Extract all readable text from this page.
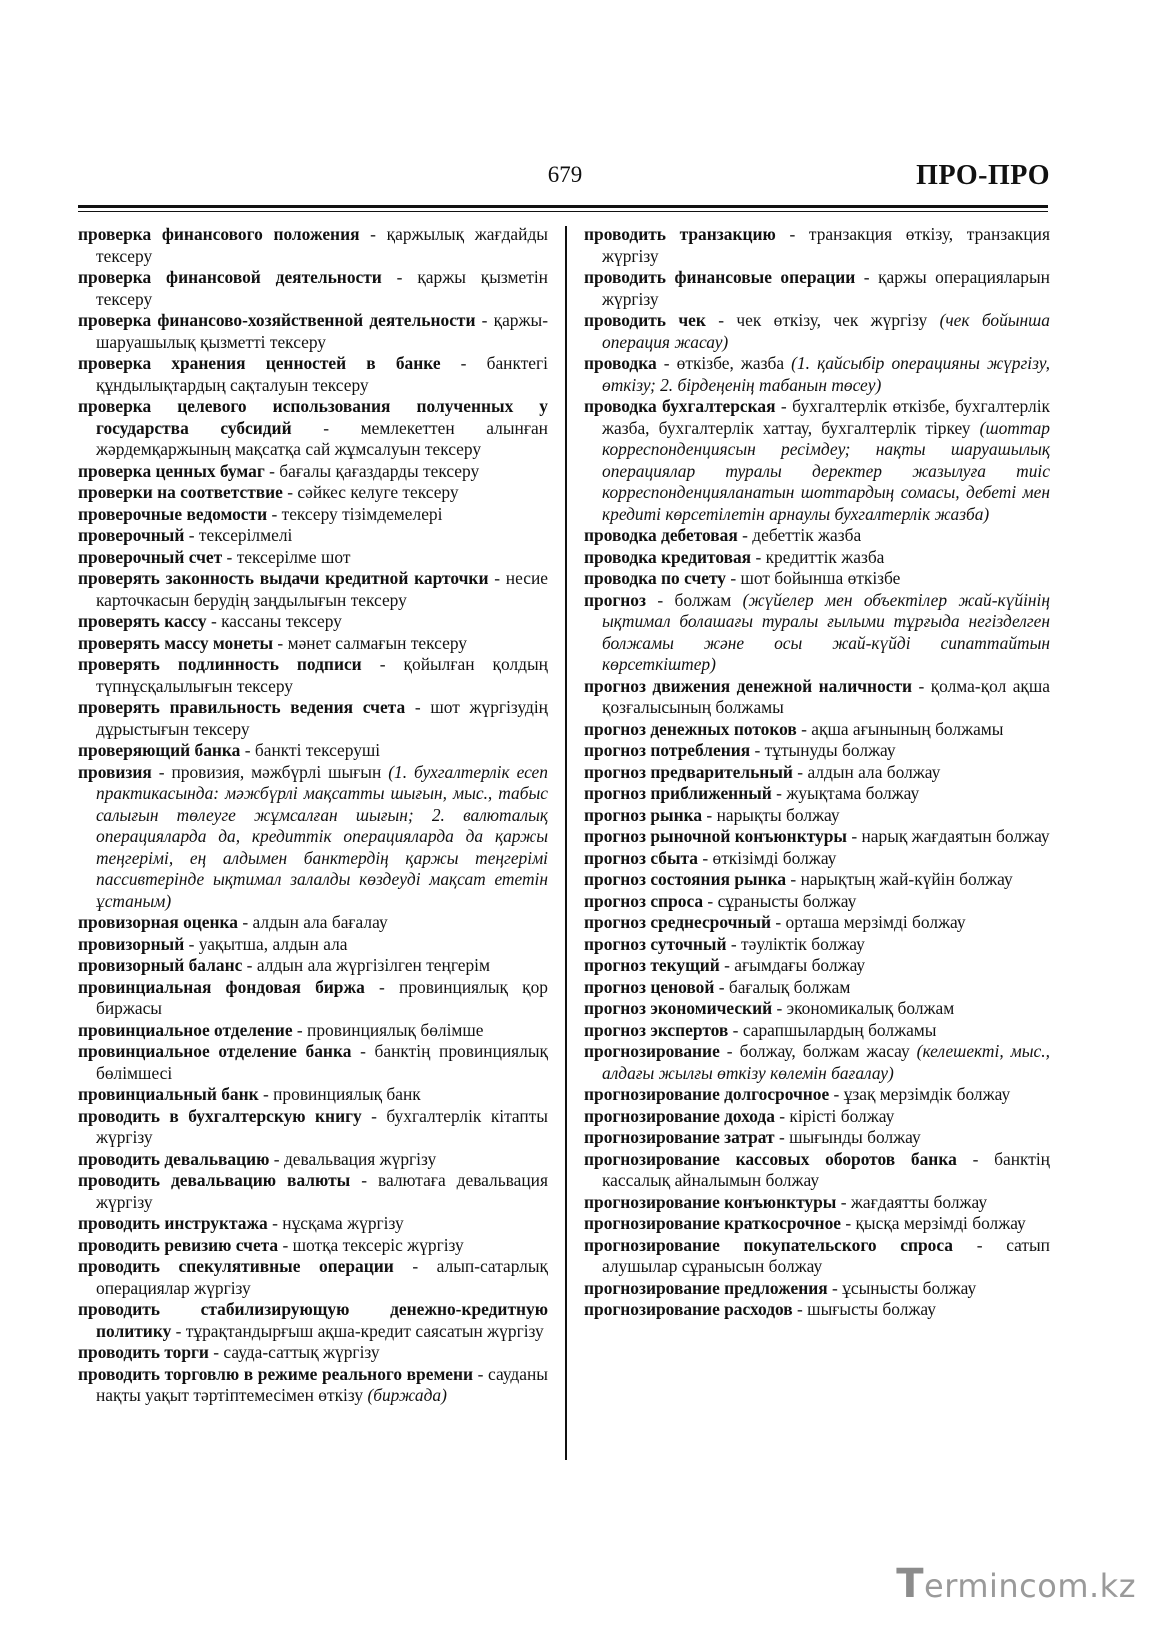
679	ПРО-ПРО
проверка финансового положения - қаржылық жағдайды тексеру
проверка финансовой деятельности - қаржы қызметін тексеру
проверка финансово-хозяйственной деятельности - қаржы-шаруашылық қызметті тексеру
проверка хранения ценностей в банке - банктегі құндылықтардың сақталуын тексеру
проверка целевого использования полученных у государства субсидий - мемлекеттен алынған жәрдемқаржының мақсатқа сай жұмсалуын тексеру
проверка ценных бумаг - бағалы қағаздарды тексеру
проверки на соответствие - сәйкес келуге тексеру
проверочные ведомости - тексеру тізімдемелері
проверочный - тексерілмелі
проверочный счет - тексерілме шот
проверять законность выдачи кредитной карточки - несие карточкасын берудің заңдылығын тексеру
проверять кассу - кассаны тексеру
проверять массу монеты - мәнет салмағын тексеру
проверять подлинность подписи - қойылған қолдың түпнұсқалылығын тексеру
проверять правильность ведения счета - шот жүргізудің дұрыстығын тексеру
проверяющий банка - банкті тексеруші
провизия - провизия, мәжбүрлі шығын (1. бухгалтерлік есеп практикасында: мәжбүрлі мақсатты шығын, мыс., табыс салығын төлеуге жұмсалған шығын; 2. валюталық операцияларда да, кредиттік операцияларда да қаржы теңгерімі, ең алдымен банктердің қаржы теңгерімі пассивтерінде ықтимал залалды көздеуді мақсат ететін ұстаным)
провизорная оценка - алдын ала бағалау
провизорный - уақытша, алдын ала
провизорный баланс - алдын ала жүргізілген теңгерім
провинциальная фондовая биржа - провинциялық қор биржасы
провинциальное отделение - провинциялық бөлімше
провинциальное отделение банка - банктің провинциялық бөлімшесі
провинциальный банк - провинциялық банк
проводить в бухгалтерскую книгу - бухгалтерлік кітапты жүргізу
проводить девальвацию - девальвация жүргізу
проводить девальвацию валюты - валютаға девальвация жүргізу
проводить инструктажа - нұсқама жүргізу
проводить ревизию счета - шотқа тексеріс жүргізу
проводить спекулятивные операции - алып-сатарлық операциялар жүргізу
проводить стабилизирующую денежно-кредитную политику - тұрақтандырғыш ақша-кредит саясатын жүргізу
проводить торги - сауда-саттық жүргізу
проводить торговлю в режиме реального времени - сауданы нақты уақыт тәртіптемесімен өткізу (биржада)
проводить транзакцию - транзакция өткізу, транзакция жүргізу
проводить финансовые операции - қаржы операцияларын жүргізу
проводить чек - чек өткізу, чек жүргізу (чек бойынша операция жасау)
проводка - өткізбе, жазба (1. қайсыбір операцияны жүргізу, өткізу; 2. бірдеңенің табанын төсеу)
проводка бухгалтерская - бухгалтерлік өткізбе, бухгалтерлік жазба, бухгалтерлік хаттау, бухгалтерлік тіркеу (шоттар корреспонденциясын ресімдеу; нақты шаруашылық операциялар туралы деректер жазылуға тиіс корреспонденцияланатын шоттардың сомасы, дебеті мен кредиті көрсетілетін арнаулы бухгалтерлік жазба)
проводка дебетовая - дебеттік жазба
проводка кредитовая - кредиттік жазба
проводка по счету - шот бойынша өткізбе
прогноз - болжам (жүйелер мен объектілер жай-күйінің ықтимал болашағы туралы ғылыми тұрғыда негізделген болжамы және осы жай-күйді сипаттайтын көрсеткіштер)
прогноз движения денежной наличности - қолма-қол ақша қозғалысының болжамы
прогноз денежных потоков - ақша ағынының болжамы
прогноз потребления - тұтынуды болжау
прогноз предварительный - алдын ала болжау
прогноз приближенный - жуықтама болжау
прогноз рынка - нарықты болжау
прогноз рыночной конъюнктуры - нарық жағдаятын болжау
прогноз сбыта - өткізімді болжау
прогноз состояния рынка - нарықтың жай-күйін болжау
прогноз спроса - сұранысты болжау
прогноз среднесрочный - орташа мерзімді болжау
прогноз суточный - тәуліктік болжау
прогноз текущий - ағымдағы болжау
прогноз ценовой - бағалық болжам
прогноз экономический - экономикалық болжам
прогноз экспертов - сарапшылардың болжамы
прогнозирование - болжау, болжам жасау (келешекті, мыс., алдағы жылғы өткізу көлемін бағалау)
прогнозирование долгосрочное - ұзақ мерзімдік болжау
прогнозирование дохода - кірісті болжау
прогнозирование затрат - шығынды болжау
прогнозирование кассовых оборотов банка - банктің кассалық айналымын болжау
прогнозирование конъюнктуры - жағдаятты болжау
прогнозирование краткосрочное - қысқа мерзімді болжау
прогнозирование покупательского спроса - сатып алушылар сұранысын болжау
прогнозирование предложения - ұсынысты болжау
прогнозирование расходов - шығысты болжау
Termincom.kz
